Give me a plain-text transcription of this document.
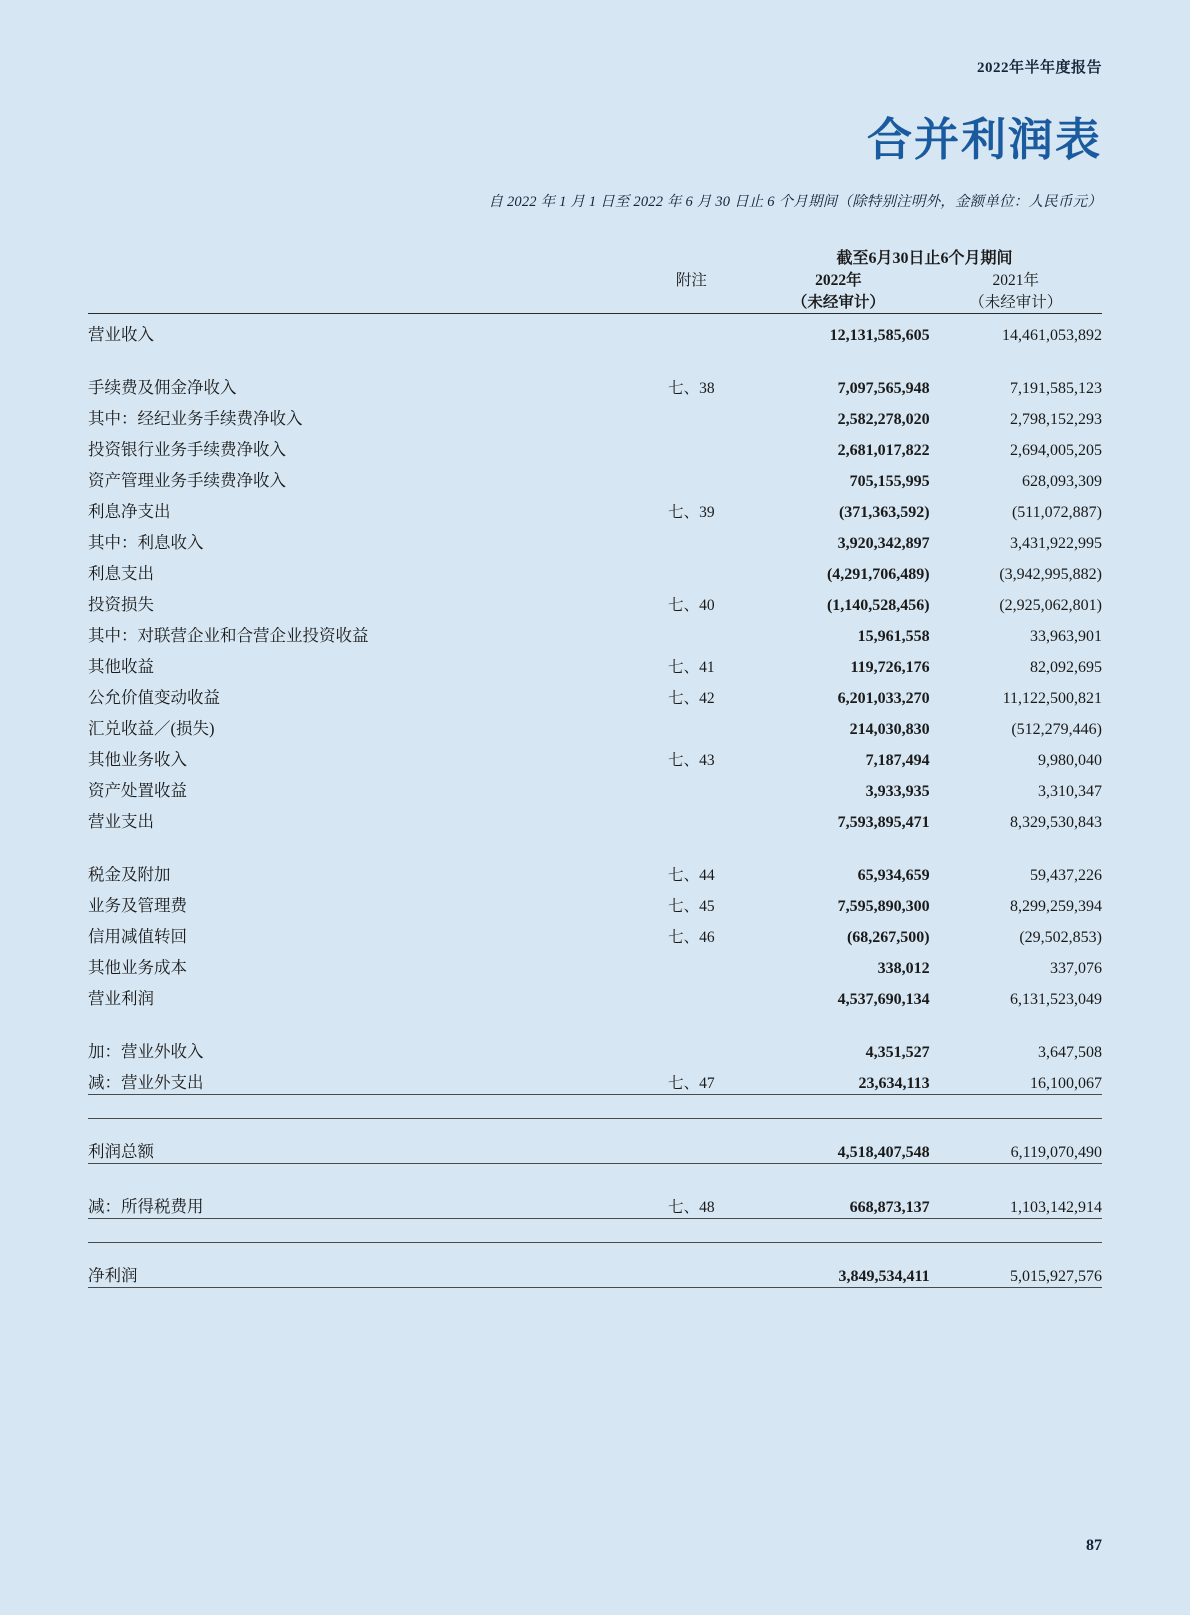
2022年半年度报告
合并利润表
自 2022 年 1 月 1 日至 2022 年 6 月 30 日止 6 个月期间（除特别注明外，金额单位：人民币元）
		截至6月30日止6个月期间	
	附注	2022年	2021年
		（未经审计）	（未经审计）

营业收入		12,131,585,605	14,461,053,892

手续费及佣金净收入	七、38	7,097,565,948	7,191,585,123
其中：经纪业务手续费净收入		2,582,278,020	2,798,152,293
投资银行业务手续费净收入		2,681,017,822	2,694,005,205
资产管理业务手续费净收入		705,155,995	628,093,309
利息净支出	七、39	(371,363,592)	(511,072,887)
其中：利息收入		3,920,342,897	3,431,922,995
利息支出		(4,291,706,489)	(3,942,995,882)
投资损失	七、40	(1,140,528,456)	(2,925,062,801)
其中：对联营企业和合营企业投资收益		15,961,558	33,963,901
其他收益	七、41	119,726,176	82,092,695
公允价值变动收益	七、42	6,201,033,270	11,122,500,821
汇兑收益／(损失)		214,030,830	(512,279,446)
其他业务收入	七、43	7,187,494	9,980,040
资产处置收益		3,933,935	3,310,347
营业支出		7,593,895,471	8,329,530,843

税金及附加	七、44	65,934,659	59,437,226
业务及管理费	七、45	7,595,890,300	8,299,259,394
信用减值转回	七、46	(68,267,500)	(29,502,853)
其他业务成本		338,012	337,076
营业利润		4,537,690,134	6,131,523,049

加：营业外收入		4,351,527	3,647,508
减：营业外支出	七、47	23,634,113	16,100,067

利润总额		4,518,407,548	6,119,070,490

减：所得税费用	七、48	668,873,137	1,103,142,914

净利润		3,849,534,411	5,015,927,576

87
